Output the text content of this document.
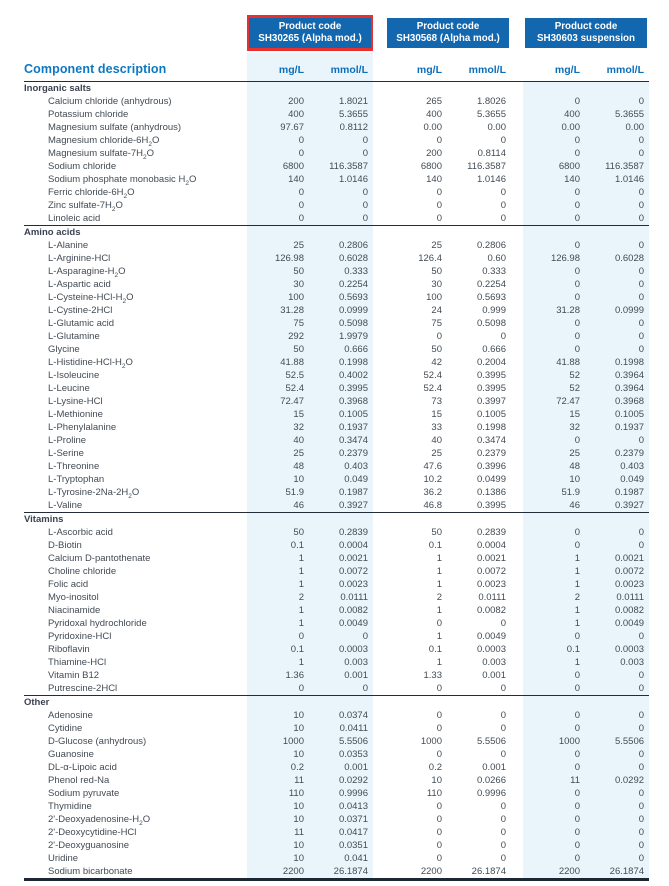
	Product code
SH30265 (Alpha mod.)			Product code
SH30568 (Alpha mod.)			Product code
SH30603 suspension	

Component description	mg/L	mmol/L		mg/L	mmol/L		mg/L	mmol/L
Inorganic salts								
Calcium chloride (anhydrous)	200	1.8021		265	1.8026		0	0
Potassium chloride	400	5.3655		400	5.3655		400	5.3655
Magnesium sulfate (anhydrous)	97.67	0.8112		0.00	0.00		0.00	0.00
Magnesium chloride-$6H_2O$	0	0		0	0		0	0
Magnesium sulfate-$7H_2O$	0	0		200	0.8114		0	0
Sodium chloride	6800	116.3587		6800	116.3587		6800	116.3587
Sodium phosphate monobasic $H_2O$	140	1.0146		140	1.0146		140	1.0146
Ferric chloride-$6H_2O$	0	0		0	0		0	0
Zinc sulfate-$7H_2O$	0	0		0	0		0	0
Linoleic acid	0	0		0	0		0	0
Amino acids								
L-Alanine	25	0.2806		25	0.2806		0	0
L-Arginine-HCl	126.98	0.6028		126.4	0.60		126.98	0.6028
$L-Asparagine-H_2O$	50	0.333		50	0.333		0	0
L-Aspartic acid	30	0.2254		30	0.2254		0	0
$L-Cysteine-HCl-H_2O$	100	0.5693		100	0.5693		0	0
L-Cystine-2HCl	31.28	0.0999		24	0.999		31.28	0.0999
L-Glutamic acid	75	0.5098		75	0.5098		0	0
L-Glutamine	292	1.9979		0	0		0	0
Glycine	50	0.666		50	0.666		0	0
$L-Histidine-HCl-H_2O$	41.88	0.1998		42	0.2004		41.88	0.1998
L-Isoleucine	52.5	0.4002		52.4	0.3995		52	0.3964
L-Leucine	52.4	0.3995		52.4	0.3995		52	0.3964
L-Lysine-HCl	72.47	0.3968		73	0.3997		72.47	0.3968
L-Methionine	15	0.1005		15	0.1005		15	0.1005
L-Phenylalanine	32	0.1937		33	0.1998		32	0.1937
L-Proline	40	0.3474		40	0.3474		0	0
L-Serine	25	0.2379		25	0.2379		25	0.2379
L-Threonine	48	0.403		47.6	0.3996		48	0.403
L-Tryptophan	10	0.049		10.2	0.0499		10	0.049
$L-Tyrosine-2Na-2H_2O$	51.9	0.1987		36.2	0.1386		51.9	0.1987
L-Valine	46	0.3927		46.8	0.3995		46	0.3927
Vitamins								
L-Ascorbic acid	50	0.2839		50	0.2839		0	0
D-Biotin	0.1	0.0004		0.1	0.0004		0	0
Calcium D-pantothenate	1	0.0021		1	0.0021		1	0.0021
Choline chloride	1	0.0072		1	0.0072		1	0.0072
Folic acid	1	0.0023		1	0.0023		1	0.0023
Myo-inositol	2	0.0111		2	0.0111		2	0.0111
Niacinamide	1	0.0082		1	0.0082		1	0.0082
Pyridoxal hydrochloride	1	0.0049		0	0		1	0.0049
Pyridoxine-HCl	0	0		1	0.0049		0	0
Riboflavin	0.1	0.0003		0.1	0.0003		0.1	0.0003
Thiamine-HCl	1	0.003		1	0.003		1	0.003
Vitamin B12	1.36	0.001		1.33	0.001		0	0
Putrescine-2HCl	0	0		0	0		0	0
Other								
Adenosine	10	0.0374		0	0		0	0
Cytidine	10	0.0411		0	0		0	0
D-Glucose (anhydrous)	1000	5.5506		1000	5.5506		1000	5.5506
Guanosine	10	0.0353		0	0		0	0
DL-α-Lipoic acid	0.2	0.001		0.2	0.001		0	0
Phenol red-Na	11	0.0292		10	0.0266		11	0.0292
Sodium pyruvate	110	0.9996		110	0.9996		0	0
Thymidine	10	0.0413		0	0		0	0
$2'-Deoxyadenosine-H_2O$	10	0.0371		0	0		0	0
2'-Deoxycytidine-HCl	11	0.0417		0	0		0	0
2'-Deoxyguanosine	10	0.0351		0	0		0	0
Uridine	10	0.041		0	0		0	0
Sodium bicarbonate	2200	26.1874		2200	26.1874		2200	26.1874
